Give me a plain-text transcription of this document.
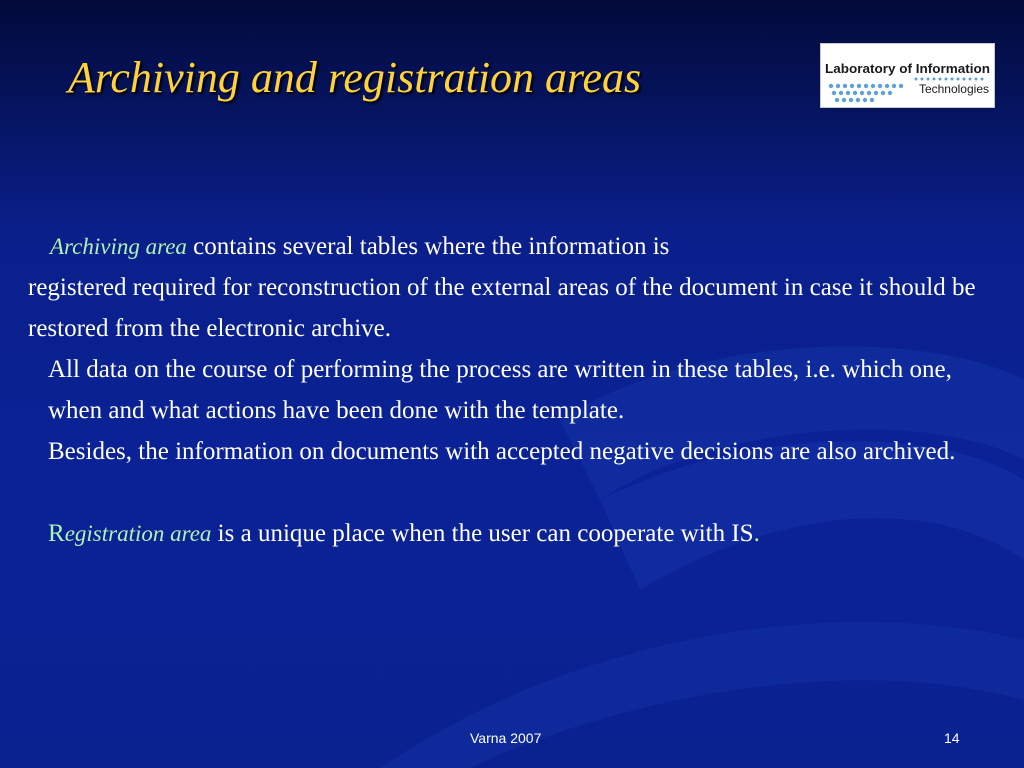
Archiving and registration areas	Laboratory of Information
Technologies

Archiving area contains several tables where the information is

registered required for reconstruction of the external areas of the document in case it should be restored from the electronic archive.

All data on the course of performing the process are written in these tables, i.e. which one, when and what actions have been done with the template.

Besides, the information on documents with accepted negative decisions are also archived.

Registration area is a unique place when the user can cooperate with IS.

Varna 2007	14
